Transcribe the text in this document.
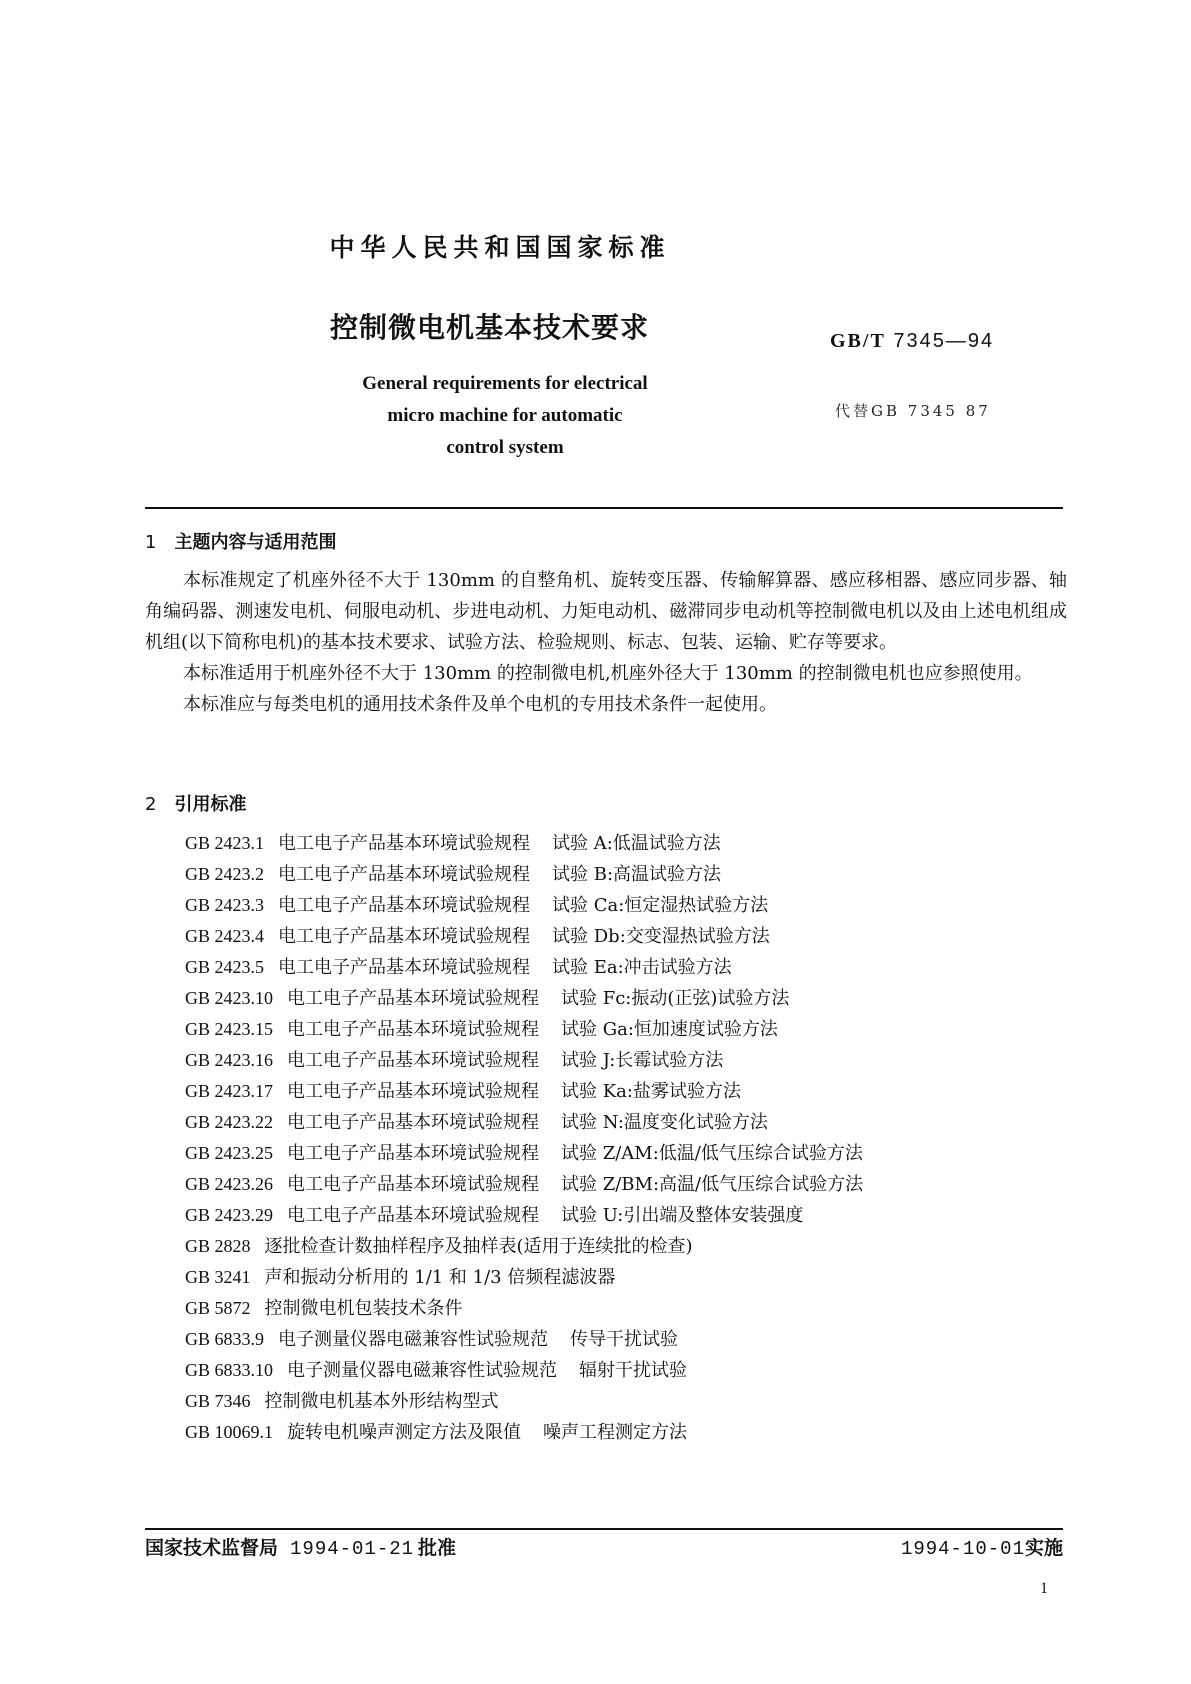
中华人民共和国国家标准
控制微电机基本技术要求
General requirements for electrical
micro machine for automatic
control system
GB/T 7345—94
代替GB 7345 87
1 主题内容与适用范围

本标准规定了机座外径不大于 130mm 的自整角机、旋转变压器、传输解算器、感应移相器、感应同步器、轴角编码器、测速发电机、伺服电动机、步进电动机、力矩电动机、磁滞同步电动机等控制微电机以及由上述电机组成机组(以下简称电机)的基本技术要求、试验方法、检验规则、标志、包装、运输、贮存等要求。

本标准适用于机座外径不大于 130mm 的控制微电机,机座外径大于 130mm 的控制微电机也应参照使用。

本标准应与每类电机的通用技术条件及单个电机的专用技术条件一起使用。

2 引用标准
GB 2423.1 电工电子产品基本环境试验规程 试验 A:低温试验方法
GB 2423.2 电工电子产品基本环境试验规程 试验 B:高温试验方法
GB 2423.3 电工电子产品基本环境试验规程 试验 Ca:恒定湿热试验方法
GB 2423.4 电工电子产品基本环境试验规程 试验 Db:交变湿热试验方法
GB 2423.5 电工电子产品基本环境试验规程 试验 Ea:冲击试验方法
GB 2423.10 电工电子产品基本环境试验规程 试验 Fc:振动(正弦)试验方法
GB 2423.15 电工电子产品基本环境试验规程 试验 Ga:恒加速度试验方法
GB 2423.16 电工电子产品基本环境试验规程 试验 J:长霉试验方法
GB 2423.17 电工电子产品基本环境试验规程 试验 Ka:盐雾试验方法
GB 2423.22 电工电子产品基本环境试验规程 试验 N:温度变化试验方法
GB 2423.25 电工电子产品基本环境试验规程 试验 Z/AM:低温/低气压综合试验方法
GB 2423.26 电工电子产品基本环境试验规程 试验 Z/BM:高温/低气压综合试验方法
GB 2423.29 电工电子产品基本环境试验规程 试验 U:引出端及整体安装强度
GB 2828 逐批检查计数抽样程序及抽样表(适用于连续批的检查)
GB 3241 声和振动分析用的 1/1 和 1/3 倍频程滤波器
GB 5872 控制微电机包装技术条件
GB 6833.9 电子测量仪器电磁兼容性试验规范 传导干扰试验
GB 6833.10 电子测量仪器电磁兼容性试验规范 辐射干扰试验
GB 7346 控制微电机基本外形结构型式
GB 10069.1 旋转电机噪声测定方法及限值 噪声工程测定方法
国家技术监督局 1994-01-21 批准	1994-10-01实施
1
